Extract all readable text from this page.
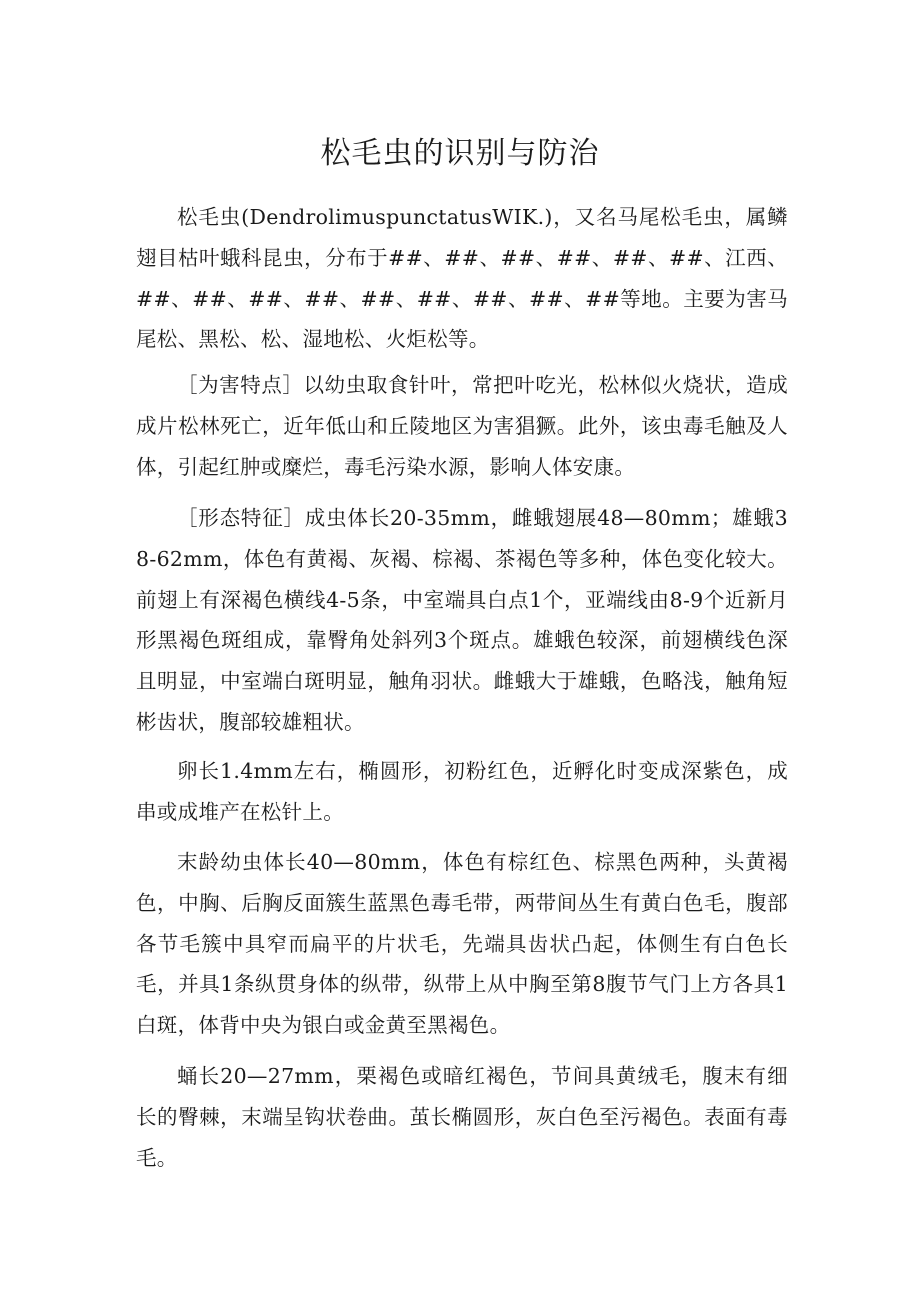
松毛虫的识别与防治

松毛虫(DendrolimuspunctatusWIK.)，又名马尾松毛虫，属鳞翅目枯叶蛾科昆虫，分布于##、##、##、##、##、##、江西、##、##、##、##、##、##、##、##、##等地。主要为害马尾松、黑松、松、湿地松、火炬松等。

［为害特点］以幼虫取食针叶，常把叶吃光，松林似火烧状，造成成片松林死亡，近年低山和丘陵地区为害猖獗。此外，该虫毒毛触及人体，引起红肿或糜烂，毒毛污染水源，影响人体安康。

［形态特征］成虫体长20-35mm，雌蛾翅展48—80mm；雄蛾38-62mm，体色有黄褐、灰褐、棕褐、茶褐色等多种，体色变化较大。前翅上有深褐色横线4-5条，中室端具白点1个，亚端线由8-9个近新月形黑褐色斑组成，靠臀角处斜列3个斑点。雄蛾色较深，前翅横线色深且明显，中室端白斑明显，触角羽状。雌蛾大于雄蛾，色略浅，触角短彬齿状，腹部较雄粗状。

卵长1.4mm左右，椭圆形，初粉红色，近孵化时变成深紫色，成串或成堆产在松针上。

末龄幼虫体长40—80mm，体色有棕红色、棕黑色两种，头黄褐色，中胸、后胸反面簇生蓝黑色毒毛带，两带间丛生有黄白色毛，腹部各节毛簇中具窄而扁平的片状毛，先端具齿状凸起，体侧生有白色长毛，并具1条纵贯身体的纵带，纵带上从中胸至第8腹节气门上方各具1白斑，体背中央为银白或金黄至黑褐色。

蛹长20—27mm，栗褐色或暗红褐色，节间具黄绒毛，腹末有细长的臀棘，末端呈钩状卷曲。茧长椭圆形，灰白色至污褐色。表面有毒毛。
